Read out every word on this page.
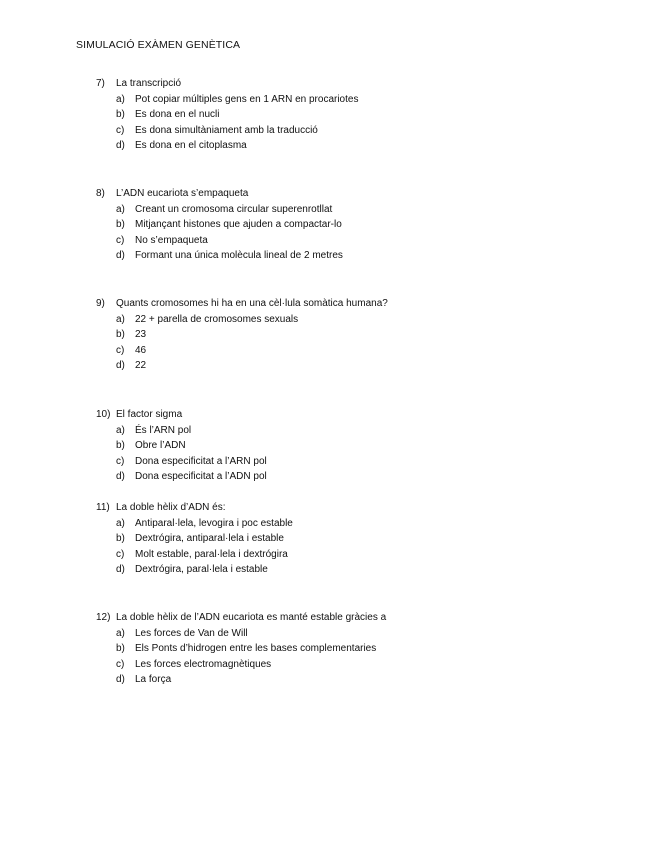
SIMULACIÓ EXÀMEN GENÈTICA
7) La transcripció
a) Pot copiar múltiples gens en 1 ARN en procariotes
b) Es dona en el nucli
c) Es dona simultàniament amb la traducció
d) Es dona en el citoplasma
8) L’ADN eucariota s’empaqueta
a) Creant un cromosoma circular superenrotllat
b) Mitjançant histones que ajuden a compactar-lo
c) No s’empaqueta
d) Formant una única molècula lineal de 2 metres
9) Quants cromosomes hi ha en una cèl·lula somàtica humana?
a) 22 + parella de cromosomes sexuals
b) 23
c) 46
d) 22
10) El factor sigma
a) És l’ARN pol
b) Obre l’ADN
c) Dona especificitat a l’ARN pol
d) Dona especificitat a l’ADN pol
11) La doble hèlix d’ADN és:
a) Antiparal·lela, levogira i poc estable
b) Dextrógira, antiparal·lela i estable
c) Molt estable, paral·lela i dextrógira
d) Dextrógira, paral·lela i estable
12) La doble hèlix de l’ADN eucariota es manté estable gràcies a
a) Les forces de Van de Will
b) Els Ponts d’hidrogen entre les bases complementaries
c) Les forces electromagnètiques
d) La força
